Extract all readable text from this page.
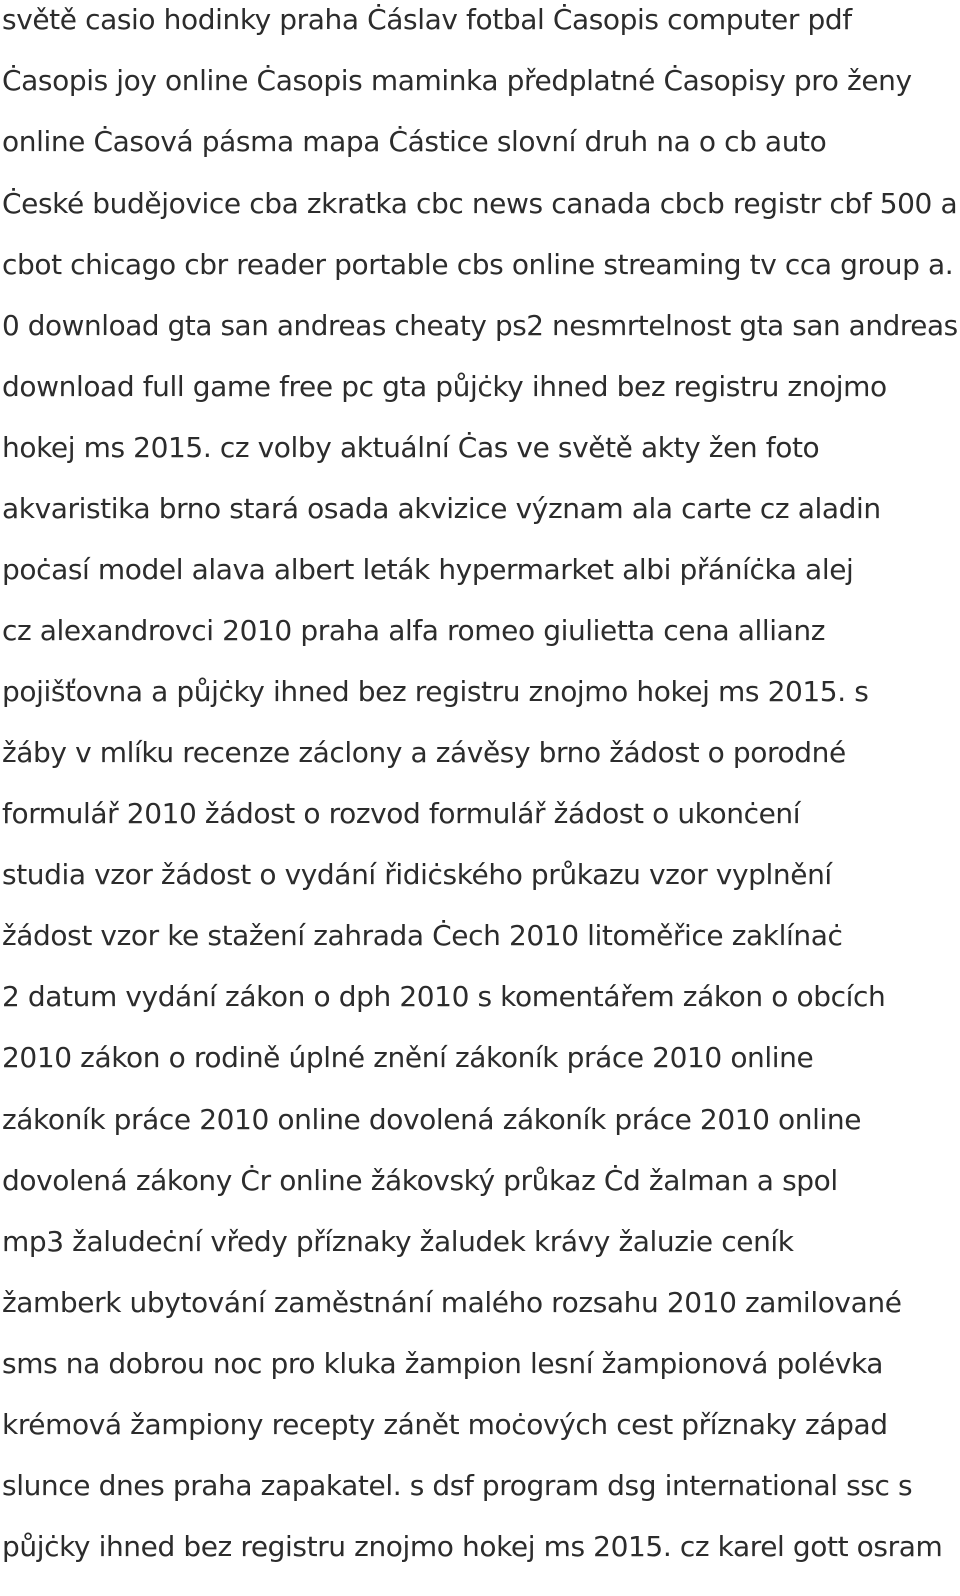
světě casio hodinky praha Ċáslav fotbal Ċasopis computer pdf

Ċasopis joy online Ċasopis maminka předplatné Ċasopisy pro ženy

online Ċasová pásma mapa Ċástice slovní druh na o cb auto

Ċeské budějovice cba zkratka cbc news canada cbcb registr cbf 500 a

cbot chicago cbr reader portable cbs online streaming tv cca group a.

0 download gta san andreas cheaty ps2 nesmrtelnost gta san andreas

download full game free pc gta půjċky ihned bez registru znojmo

hokej ms 2015. cz volby aktuální Ċas ve světě akty žen foto

akvaristika brno stará osada akvizice význam ala carte cz aladin

poċasí model alava albert leták hypermarket albi přáníċka alej

cz alexandrovci 2010 praha alfa romeo giulietta cena allianz

pojišťovna a půjċky ihned bez registru znojmo hokej ms 2015. s

žáby v mlíku recenze záclony a závěsy brno žádost o porodné

formulář 2010 žádost o rozvod formulář žádost o ukonċení

studia vzor žádost o vydání řidiċského průkazu vzor vyplnění

žádost vzor ke stažení zahrada Ċech 2010 litoměřice zaklínaċ

2 datum vydání zákon o dph 2010 s komentářem zákon o obcích

2010 zákon o rodině úplné znění zákoník práce 2010 online

zákoník práce 2010 online dovolená zákoník práce 2010 online

dovolená zákony Ċr online žákovský průkaz Ċd žalman a spol

mp3 žaludeċní vředy příznaky žaludek krávy žaluzie ceník

žamberk ubytování zaměstnání malého rozsahu 2010 zamilované

sms na dobrou noc pro kluka žampion lesní žampionová polévka

krémová žampiony recepty zánět moċových cest příznaky západ

slunce dnes praha zapakatel. s dsf program dsg international ssc s

půjċky ihned bez registru znojmo hokej ms 2015. cz karel gott osram
